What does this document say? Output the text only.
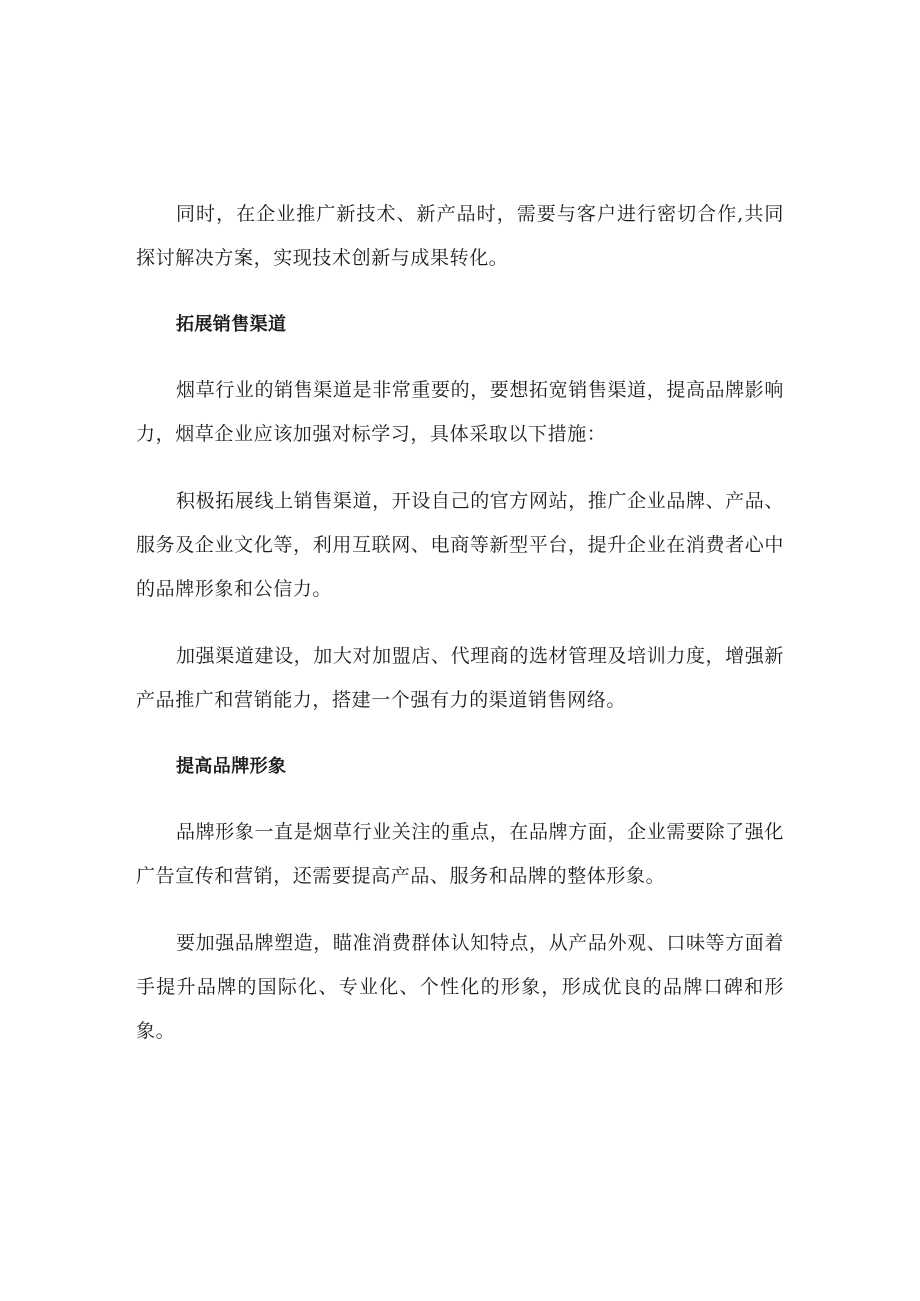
同时，在企业推广新技术、新产品时，需要与客户进行密切合作,共同探讨解决方案，实现技术创新与成果转化。

拓展销售渠道

烟草行业的销售渠道是非常重要的，要想拓宽销售渠道，提高品牌影响力，烟草企业应该加强对标学习，具体采取以下措施：

积极拓展线上销售渠道，开设自己的官方网站，推广企业品牌、产品、服务及企业文化等，利用互联网、电商等新型平台，提升企业在消费者心中的品牌形象和公信力。

加强渠道建设，加大对加盟店、代理商的选材管理及培训力度，增强新产品推广和营销能力，搭建一个强有力的渠道销售网络。

提高品牌形象

品牌形象一直是烟草行业关注的重点，在品牌方面，企业需要除了强化广告宣传和营销，还需要提高产品、服务和品牌的整体形象。

要加强品牌塑造，瞄准消费群体认知特点，从产品外观、口味等方面着手提升品牌的国际化、专业化、个性化的形象，形成优良的品牌口碑和形象。
